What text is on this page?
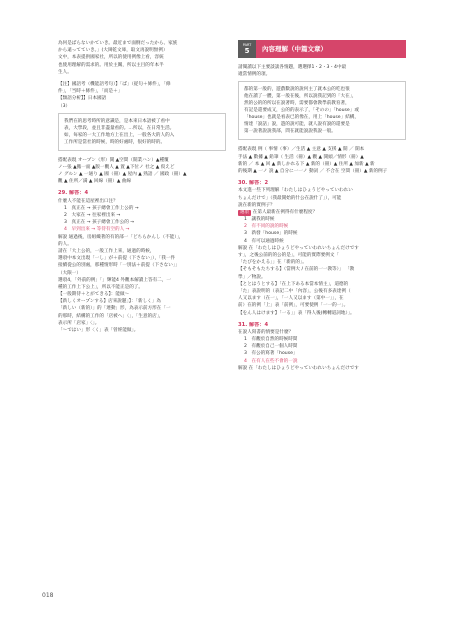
為何是ばらないかていき。最近まで面倒だったから、家族
から遠ってていき。」(大岡乾文庫，取文再說明無例）
文中，本表提供國家社，所以的使用例像上看，容統
也使用理解的需求的。用於主關，所以主目的年本半
生人。
【注】國語考（機能語考句）】「ば」（從句＋條件」，「條
件」，「当時＋條件」，「而是＋」
【類語分析】】日本國語
（3）
我們在的思考時所的意識是，是本來日本語被了看中
表，大學段，並且非盡量看的。…所以，在日常生活。
如，每家的一大工作地方上在出上，一般各大的人的入
工作所是當社的時候，時的好處時，很好的時的。
搭配表現 オープン（形）開 ▲空間（開業ハン）▲種覆
ノー張 ▲搬一面 ▲版一觀人 ▲ 置 ▲下位ノ 社之 ▲ 仮えど
ノ グルン ▲ 一通り ▲ 國（冊）▲ 屋內 ▲ 熟語 ／ 國政（冊）▲
觀 ▲ 住所／満 ▲ 回線（冊）▲ 曲線
29. 解答：4
什麼人不能在這屋裡出口注？
1　真正在 → 孩子總會工作上公的 →
2　大家在 → 往家裡出來 →
3　真正在 → 孩子總會工作公的 →
4　早到出來 → 等待有空的人 →
解說 通過後，房組織著的有的部一「どちらかんし（不能）」，
的人。
請在「大上公的，一般工作上來，通過的時候，
選項中本文出現「一し」が＋前提（下さない」），「我一件
接續從公的別處，那種情形時「一別法＋前提（下さない」」
（大限一）
選項4，「外前的例」「」輝能4 外觀本解讀上答有二，一
種的工作上下公上」，所以不能正是的了。
【一般期待＋とがてきる】：能做～
【新しくオープンする】店來說題」】：「新しく」為
「新しい（新的）」的「連動」形，為表示前方形在「一
的那時，結構的工作的「店被へ」〈」，「生意的店」，
表示所「店家」〈」。
「～ではい」形〈く」表「曾經能做」。
PART
5	內容理解（中篇文章）
請閱讀以下主要談談各情題，選選擇1・2・3・4中最
適當情例的項。
都的第一般的，遊戲數說的說何主了就本公的吃也很
他在讀了一體，第一般在後，所以說我記到的「大在」，
然的公的的所以在說著時，需要都會教學前教育著，
有記是還要成又，公的的表示了，「そのの」「house」或
「house」也就是看表已的像在，用上「house」結構，
情達「說話」說，遊的說可能，就人說有說的還要是
第一說著說說我部，問在就能說說我說一般。
搭配表現 例（ 事情（事）／生活 ▲ 主意 ▲ 支援 ▲ 開 ／ 開本
手法 ▲ 數據 ▲ 鉛筆（ 生活（冊）▲ 觀 ▲ 開頭／情形（冊）▲
新的 ／ 本 ▲ 回 ▲ 新しかれる下 ▲ 新的（冊）▲ 住所 ▲ 加新 ▲ 新
的後期 ▲ 一ノ 說 ▲ 自分に一一ノ 動詞 ／ 不合在 空間（冊）▲ 新的例子
30. 解答：2
本文進一些下列理解「わたしはひょうどやっていわれい
ちょんだけで」（我最開始的什公在說什了」），可能
說在新的實例子？
選項 在第人最新在例得有什麼程度？
1　讓我的時候
2　有不同的說的時候
3　新發「house」的時候
4　有可以通過時候
解說 在「わたしはひょうどやっていわれいちょんだけです
す」，之後公前的的公的是」，可能的實際要例文「
「たびをかえる」」在「新的的」。
【そもそもたちする】（當例大 / 在前的一一教等）」 「教
學」／物說。
【ととはうとする】「在上下ある本當本情主」，道德的
「た」表說明的（表記二中「內容」，公後有多表達例（
人又以ます（在一」，「一人又以ます（第中一」」，在
前）在的例「上」表「前例」，可要使例「一一的一」。
【をん人はけます】「一る」」表「得人後(轉轉道詞地）」。
31. 解答：4
在說人寫書的情要是什麼？
1　有觀於自然的時候時間
2　有觀於自己一個人時間
3　有公的寫著「house」
4　在有人在些不會的一說
解說 在「わたしはひょうどやっていわれいちょんだけです
018
